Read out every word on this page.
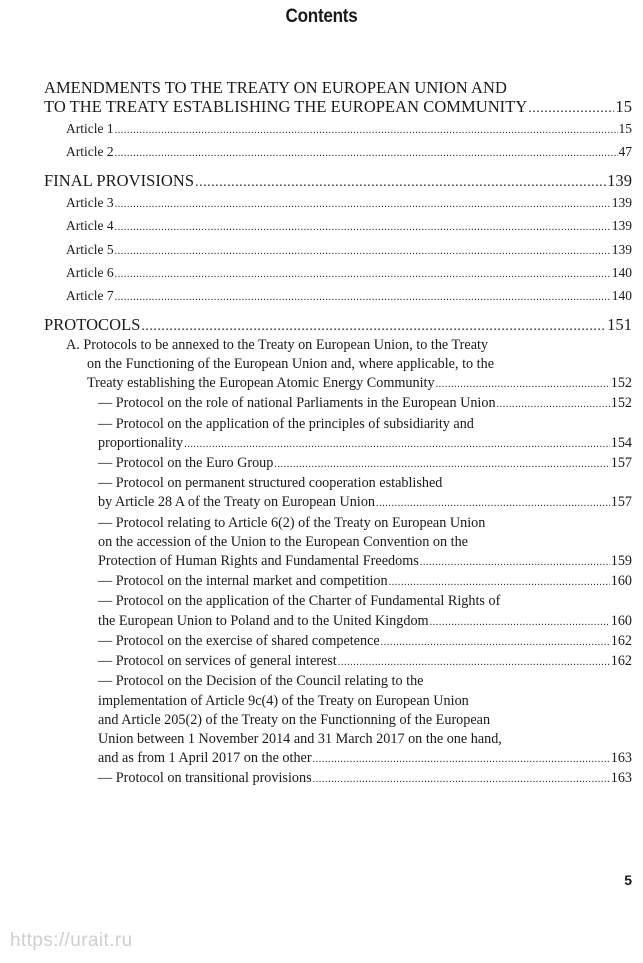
Contents
AMENDMENTS TO THE TREATY ON EUROPEAN UNION AND
TO THE TREATY ESTABLISHING THE EUROPEAN COMMUNITY .....	15
Article 1 .....	15
Article 2 .....	47
FINAL PROVISIONS .....	139
Article 3 .....	139
Article 4 .....	139
Article 5 .....	139
Article 6 .....	140
Article 7 .....	140
PROTOCOLS .....	151
A. Protocols to be annexed to the Treaty on European Union, to the Treaty
on the Functioning of the European Union and, where applicable, to the
Treaty establishing the European Atomic Energy Community .....	152
— Protocol on the role of national Parliaments in the European Union .....	152
— Protocol on the application of the principles of subsidiarity and
proportionality .....	154
— Protocol on the Euro Group .....	157
— Protocol on permanent structured cooperation established
by Article 28 A of the Treaty on European Union .....	157
— Protocol relating to Article 6(2) of the Treaty on European Union
on the accession of the Union to the European Convention on the
Protection of Human Rights and Fundamental Freedoms .....	159
— Protocol on the internal market and competition .....	160
— Protocol on the application of the Charter of Fundamental Rights of
the European Union to Poland and to the United Kingdom .....	160
— Protocol on the exercise of shared competence .....	162
— Protocol on services of general interest .....	162
— Protocol on the Decision of the Council relating to the
implementation of Article 9c(4) of the Treaty on European Union
and Article 205(2) of the Treaty on the Functionning of the European
Union between 1 November 2014 and 31 March 2017 on the one hand,
and as from 1 April 2017 on the other .....	163
— Protocol on transitional provisions .....	163
5
https://urait.ru
